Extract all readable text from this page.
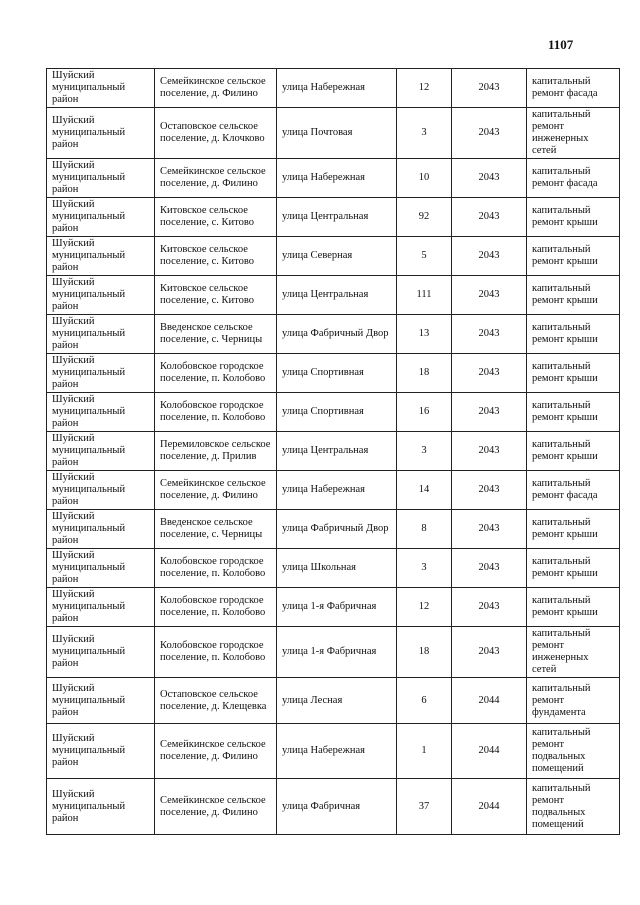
1107
Шуйский муниципальный район	Семейкинское сельское поселение, д. Филино	улица Набережная	12	2043	капитальный ремонт фасада
Шуйский муниципальный район	Остаповское сельское поселение, д. Клочково	улица Почтовая	3	2043	капитальный ремонт инженерных сетей
Шуйский муниципальный район	Семейкинское сельское поселение, д. Филино	улица Набережная	10	2043	капитальный ремонт фасада
Шуйский муниципальный район	Китовское сельское поселение, с. Китово	улица Центральная	92	2043	капитальный ремонт крыши
Шуйский муниципальный район	Китовское сельское поселение, с. Китово	улица Северная	5	2043	капитальный ремонт крыши
Шуйский муниципальный район	Китовское сельское поселение, с. Китово	улица Центральная	111	2043	капитальный ремонт крыши
Шуйский муниципальный район	Введенское сельское поселение, с. Черницы	улица Фабричный Двор	13	2043	капитальный ремонт крыши
Шуйский муниципальный район	Колобовское городское поселение, п. Колобово	улица Спортивная	18	2043	капитальный ремонт крыши
Шуйский муниципальный район	Колобовское городское поселение, п. Колобово	улица Спортивная	16	2043	капитальный ремонт крыши
Шуйский муниципальный район	Перемиловское сельское поселение, д. Прилив	улица Центральная	3	2043	капитальный ремонт крыши
Шуйский муниципальный район	Семейкинское сельское поселение, д. Филино	улица Набережная	14	2043	капитальный ремонт фасада
Шуйский муниципальный район	Введенское сельское поселение, с. Черницы	улица Фабричный Двор	8	2043	капитальный ремонт крыши
Шуйский муниципальный район	Колобовское городское поселение, п. Колобово	улица Школьная	3	2043	капитальный ремонт крыши
Шуйский муниципальный район	Колобовское городское поселение, п. Колобово	улица 1-я Фабричная	12	2043	капитальный ремонт крыши
Шуйский муниципальный район	Колобовское городское поселение, п. Колобово	улица 1-я Фабричная	18	2043	капитальный ремонт инженерных сетей
Шуйский муниципальный район	Остаповское сельское поселение, д. Клещевка	улица Лесная	6	2044	капитальный ремонт фундамента
Шуйский муниципальный район	Семейкинское сельское поселение, д. Филино	улица Набережная	1	2044	капитальный ремонт подвальных помещений
Шуйский муниципальный район	Семейкинское сельское поселение, д. Филино	улица Фабричная	37	2044	капитальный ремонт подвальных помещений
